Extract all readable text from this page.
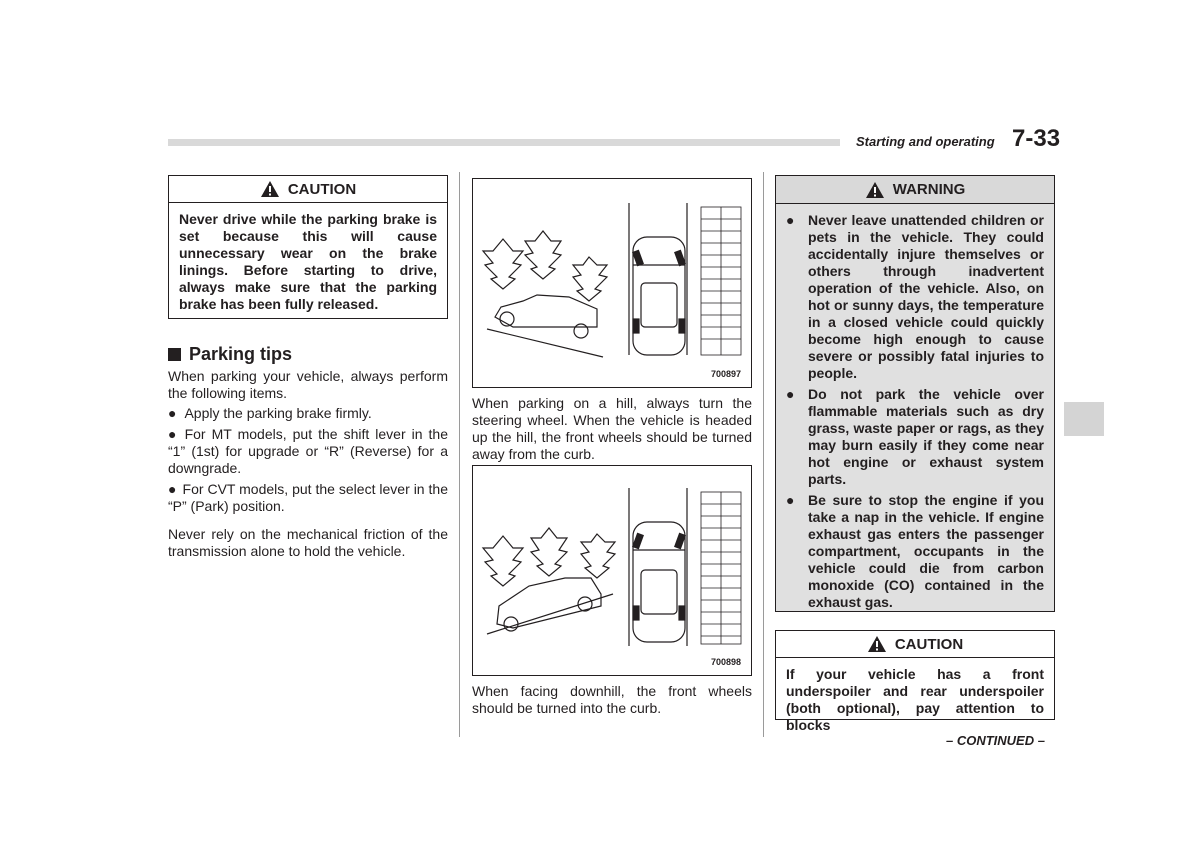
Starting and operating 7-33
CAUTION
Never drive while the parking brake is set because this will cause unnecessary wear on the brake linings. Before starting to drive, always make sure that the parking brake has been fully released.
Parking tips

When parking your vehicle, always perform the following items.

● Apply the parking brake firmly.
● For MT models, put the shift lever in the “1” (1st) for upgrade or “R” (Reverse) for a downgrade.
● For CVT models, put the select lever in the “P” (Park) position.

Never rely on the mechanical friction of the transmission alone to hold the vehicle.

700897

When parking on a hill, always turn the steering wheel. When the vehicle is headed up the hill, the front wheels should be turned away from the curb.

700898

When facing downhill, the front wheels should be turned into the curb.

WARNING
● Never leave unattended children or pets in the vehicle. They could accidentally injure themselves or others through inadvertent operation of the vehicle. Also, on hot or sunny days, the temperature in a closed vehicle could quickly become high enough to cause severe or possibly fatal injuries to people.
● Do not park the vehicle over flammable materials such as dry grass, waste paper or rags, as they may burn easily if they come near hot engine or exhaust system parts.
● Be sure to stop the engine if you take a nap in the vehicle. If engine exhaust gas enters the passenger compartment, occupants in the vehicle could die from carbon monoxide (CO) contained in the exhaust gas.
CAUTION
If your vehicle has a front underspoiler and rear underspoiler (both optional), pay attention to blocks
– CONTINUED –
